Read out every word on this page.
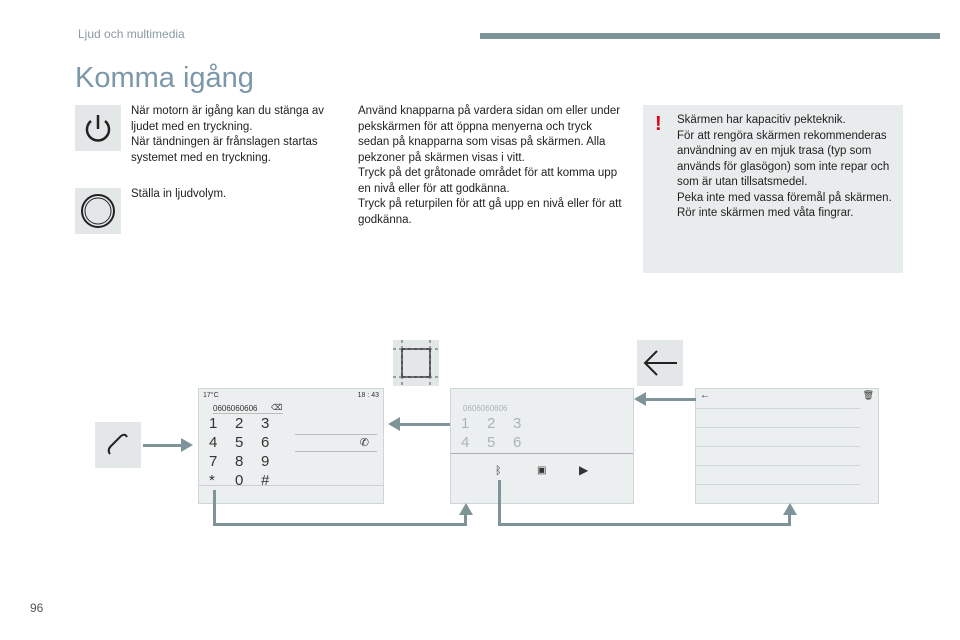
Ljud och multimedia
Komma igång
När motorn är igång kan du stänga av ljudet med en tryckning.
När tändningen är frånslagen startas systemet med en tryckning.
Ställa in ljudvolym.
Använd knapparna på vardera sidan om eller under pekskärmen för att öppna menyerna och tryck sedan på knapparna som visas på skärmen. Alla pekzoner på skärmen visas i vitt.
Tryck på det gråtonade området för att komma upp en nivå eller för att godkänna.
Tryck på returpilen för att gå upp en nivå eller för att godkänna.
! Skärmen har kapacitiv pekteknik.
För att rengöra skärmen rekommenderas användning av en mjuk trasa (typ som används för glasögon) som inte repar och som är utan tillsatsmedel.
Peka inte med vassa föremål på skärmen.
Rör inte skärmen med våta fingrar.
17°C	18 : 43
0606060606	⌫
✆
1 2 3
4 5 6
7 8 9
* 0 #
0606060606
ᛒ	▣	▶
1 2 3
4 5 6
←	🗑
96
